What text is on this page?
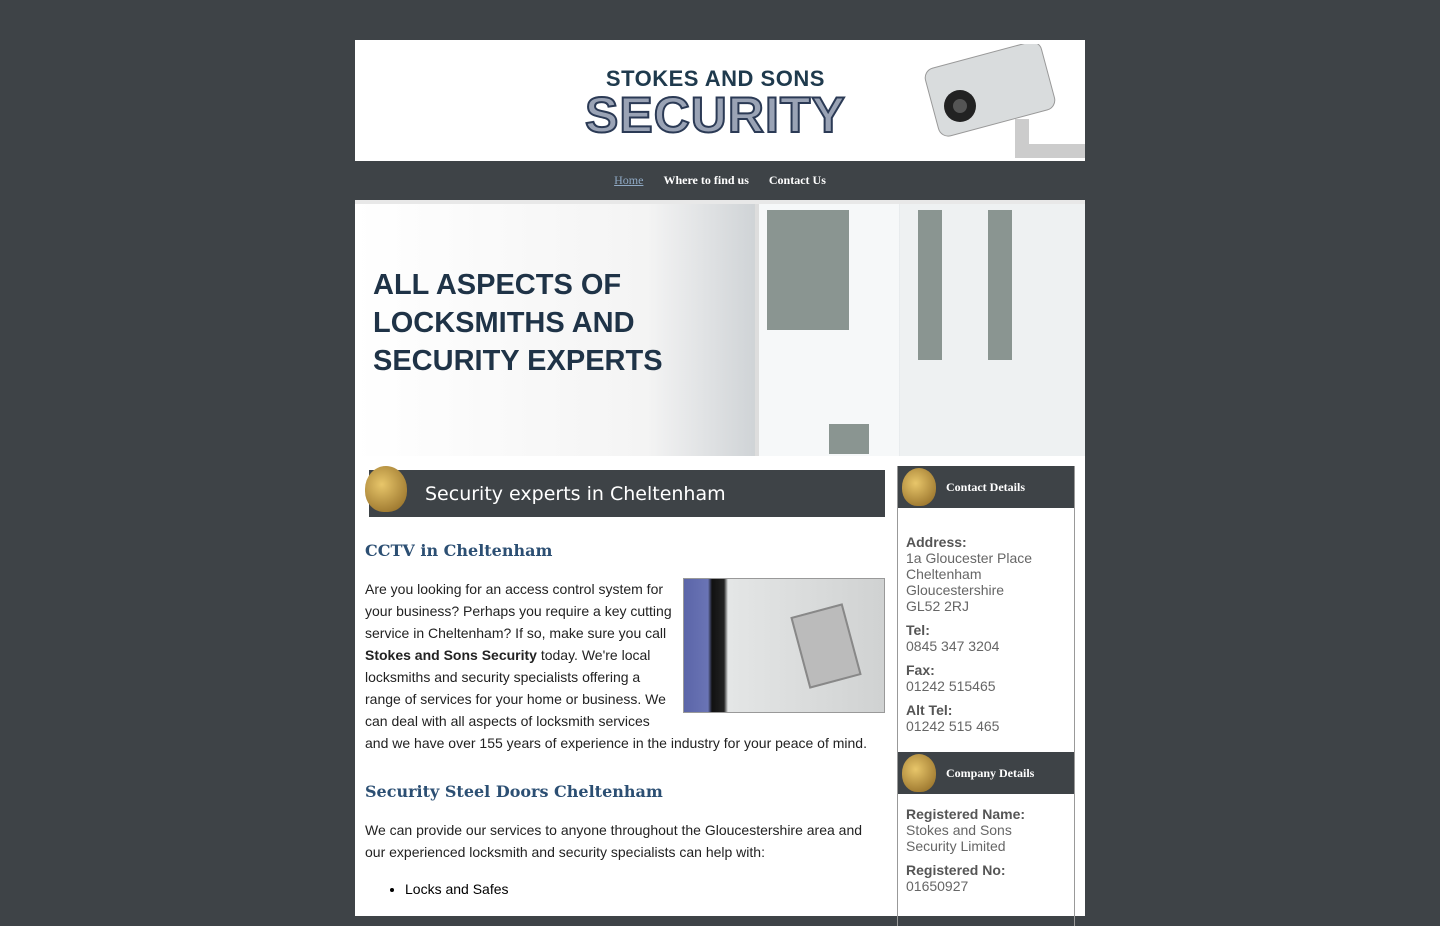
STOKES AND SONS
SECURITY
Home Where to find us Contact Us
ALL ASPECTS OF
LOCKSMITHS AND
SECURITY EXPERTS
Security experts in Cheltenham
CCTV in Cheltenham

Are you looking for an access control system for your business? Perhaps you require a key cutting service in Cheltenham? If so, make sure you call Stokes and Sons Security today. We're local locksmiths and security specialists offering a range of services for your home or business. We can deal with all aspects of locksmith services and we have over 155 years of experience in the industry for your peace of mind.

Security Steel Doors Cheltenham

We can provide our services to anyone throughout the Gloucestershire area and our experienced locksmith and security specialists can help with:

• Locks and Safes
Contact Details
Address:
1a Gloucester Place
Cheltenham
Gloucestershire
GL52 2RJ
Tel:
0845 347 3204
Fax:
01242 515465
Alt Tel:
01242 515 465
Company Details
Registered Name:
Stokes and Sons
Security Limited
Registered No:
01650927
